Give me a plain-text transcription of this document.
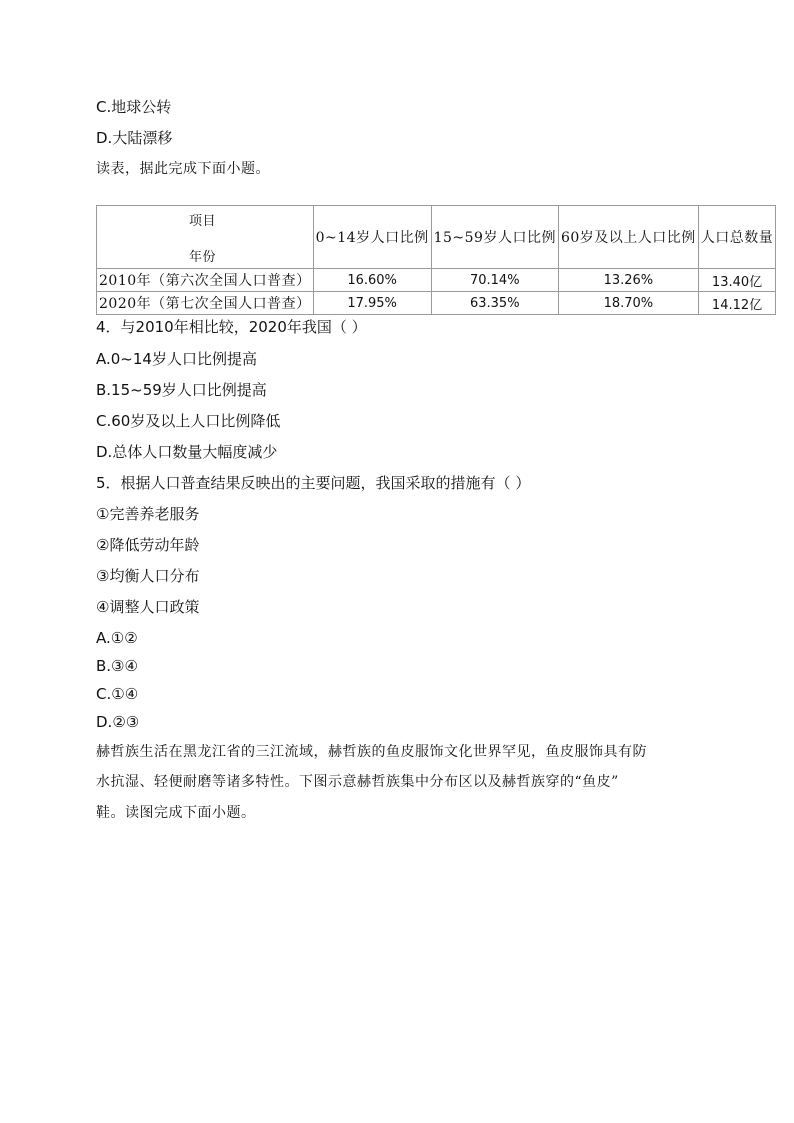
C.地球公转
D.大陆漂移
读表，据此完成下面小题。
项目
年份	0~14岁人口比例	15~59岁人口比例	60岁及以上人口比例	人口总数量
2010年（第六次全国人口普查）	16.60%	70.14%	13.26%	13.40亿
2020年（第七次全国人口普查）	17.95%	63.35%	18.70%	14.12亿
4．与2010年相比较，2020年我国（ ）
A.0~14岁人口比例提高
B.15~59岁人口比例提高
C.60岁及以上人口比例降低
D.总体人口数量大幅度减少
5．根据人口普查结果反映出的主要问题，我国采取的措施有（ ）
①完善养老服务
②降低劳动年龄
③均衡人口分布
④调整人口政策
A.①②
B.③④
C.①④
D.②③
赫哲族生活在黑龙江省的三江流域，赫哲族的鱼皮服饰文化世界罕见，鱼皮服饰具有防
水抗湿、轻便耐磨等诸多特性。下图示意赫哲族集中分布区以及赫哲族穿的“鱼皮”
鞋。读图完成下面小题。
